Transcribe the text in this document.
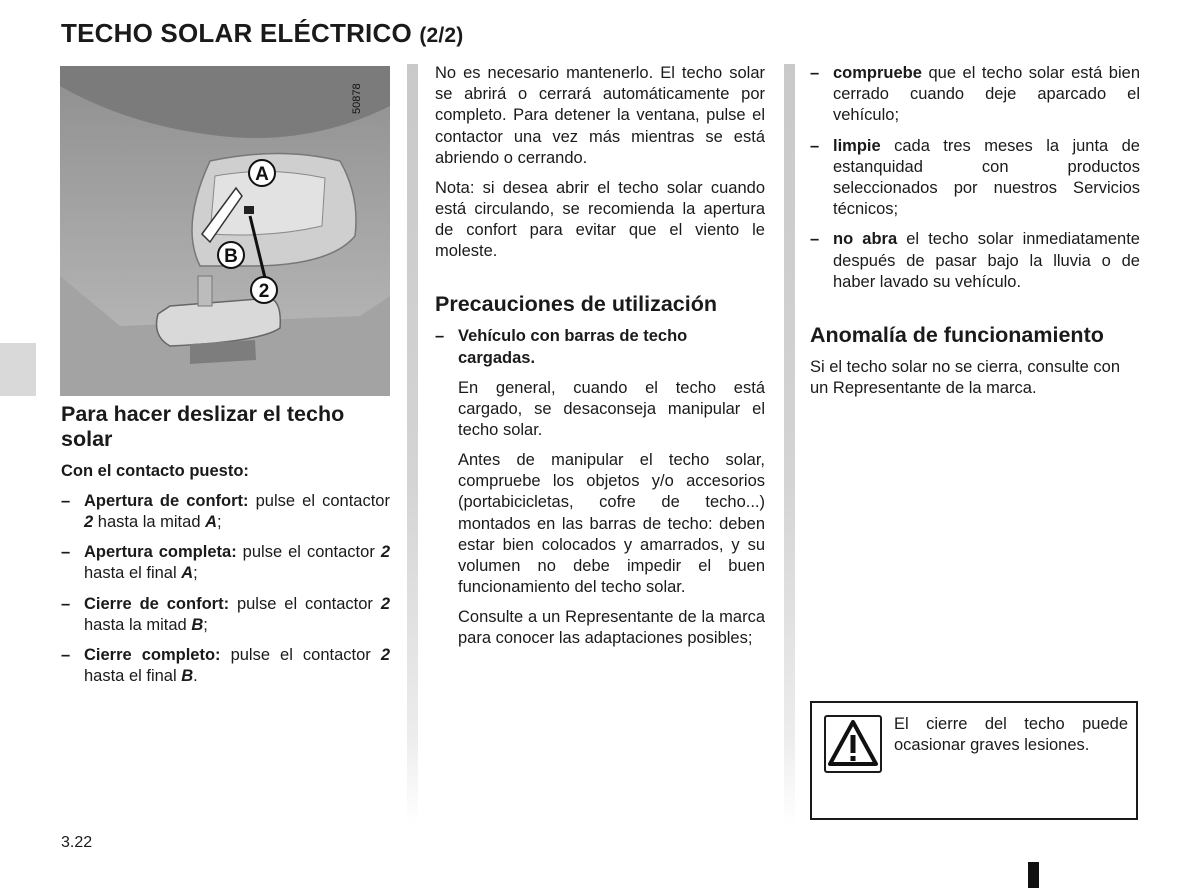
TECHO SOLAR ELÉCTRICO (2/2)
50878
A
B
2
Para hacer deslizar el techo solar

Con el contacto puesto:

– Apertura de confort: pulse el contactor 2 hasta la mitad A;
– Apertura completa: pulse el contactor 2 hasta el final A;
– Cierre de confort: pulse el contactor 2 hasta la mitad B;
– Cierre completo: pulse el contactor 2 hasta el final B.

No es necesario mantenerlo. El techo solar se abrirá o cerrará automáticamente por completo. Para detener la ventana, pulse el contactor una vez más mientras se está abriendo o cerrando.

Nota: si desea abrir el techo solar cuando está circulando, se recomienda la apertura de confort para evitar que el viento le moleste.

Precauciones de utilización
– Vehículo con barras de techo cargadas.

En general, cuando el techo está cargado, se desaconseja manipular el techo solar.

Antes de manipular el techo solar, compruebe los objetos y/o accesorios (portabicicletas, cofre de techo...) montados en las barras de techo: deben estar bien colocados y amarrados, y su volumen no debe impedir el buen funcionamiento del techo solar.

Consulte a un Representante de la marca para conocer las adaptaciones posibles;

– compruebe que el techo solar está bien cerrado cuando deje aparcado el vehículo;
– limpie cada tres meses la junta de estanquidad con productos seleccionados por nuestros Servicios técnicos;
– no abra el techo solar inmediatamente después de pasar bajo la lluvia o de haber lavado su vehículo.
Anomalía de funcionamiento

Si el techo solar no se cierra, consulte con un Representante de la marca.

El cierre del techo puede ocasionar graves lesiones.
3.22
